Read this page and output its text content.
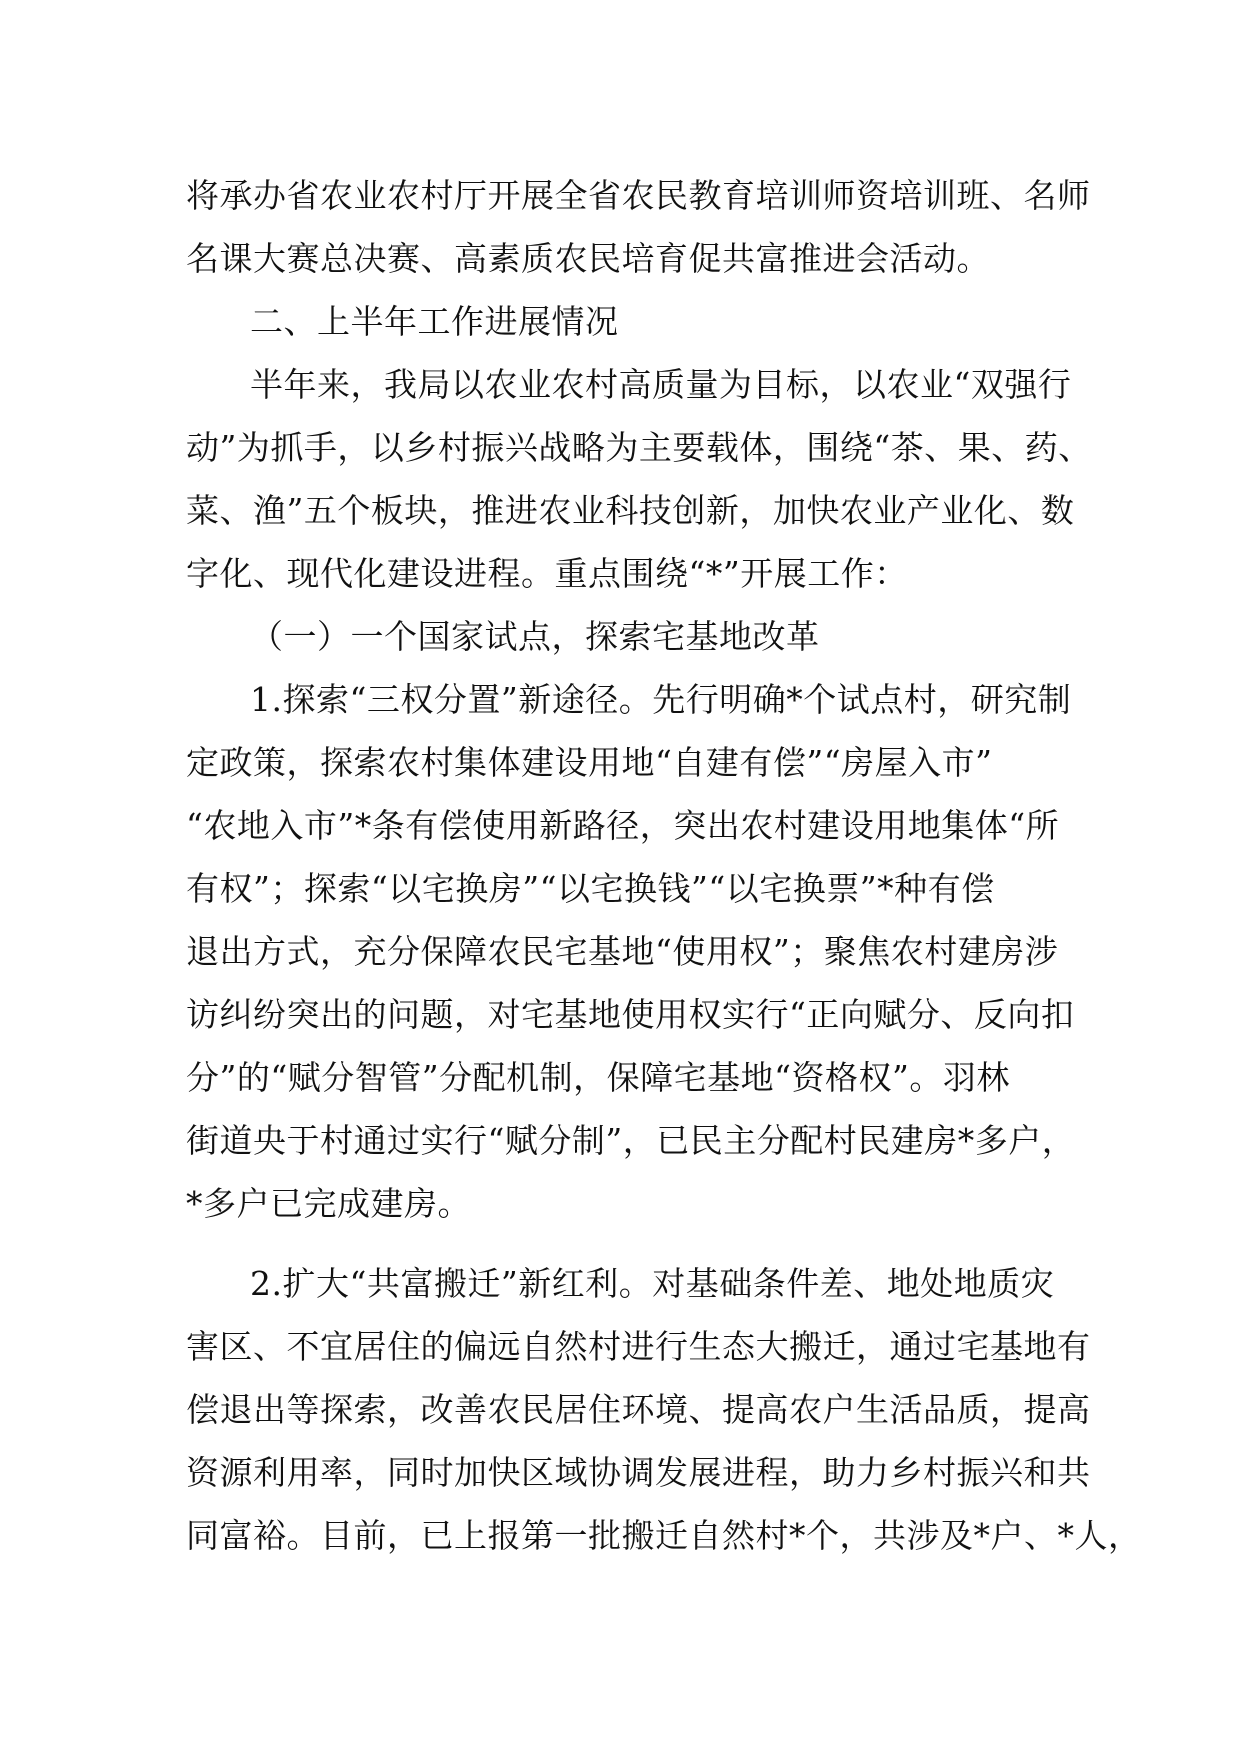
将承办省农业农村厅开展全省农民教育培训师资培训班、名师
名课大赛总决赛、高素质农民培育促共富推进会活动。
二、上半年工作进展情况
半年来，我局以农业农村高质量为目标，以农业“双强行
动”为抓手，以乡村振兴战略为主要载体，围绕“茶、果、药、
菜、渔”五个板块，推进农业科技创新，加快农业产业化、数
字化、现代化建设进程。重点围绕“*”开展工作：
（一）一个国家试点，探索宅基地改革
1.探索“三权分置”新途径。先行明确*个试点村，研究制
定政策，探索农村集体建设用地“自建有偿”“房屋入市”
“农地入市”*条有偿使用新路径，突出农村建设用地集体“所
有权”；探索“以宅换房”“以宅换钱”“以宅换票”*种有偿
退出方式，充分保障农民宅基地“使用权”；聚焦农村建房涉
访纠纷突出的问题，对宅基地使用权实行“正向赋分、反向扣
分”的“赋分智管”分配机制，保障宅基地“资格权”。羽林
街道央于村通过实行“赋分制”，已民主分配村民建房*多户，
*多户已完成建房。
2.扩大“共富搬迁”新红利。对基础条件差、地处地质灾
害区、不宜居住的偏远自然村进行生态大搬迁，通过宅基地有
偿退出等探索，改善农民居住环境、提高农户生活品质，提高
资源利用率，同时加快区域协调发展进程，助力乡村振兴和共
同富裕。目前，已上报第一批搬迁自然村*个，共涉及*户、*人，
